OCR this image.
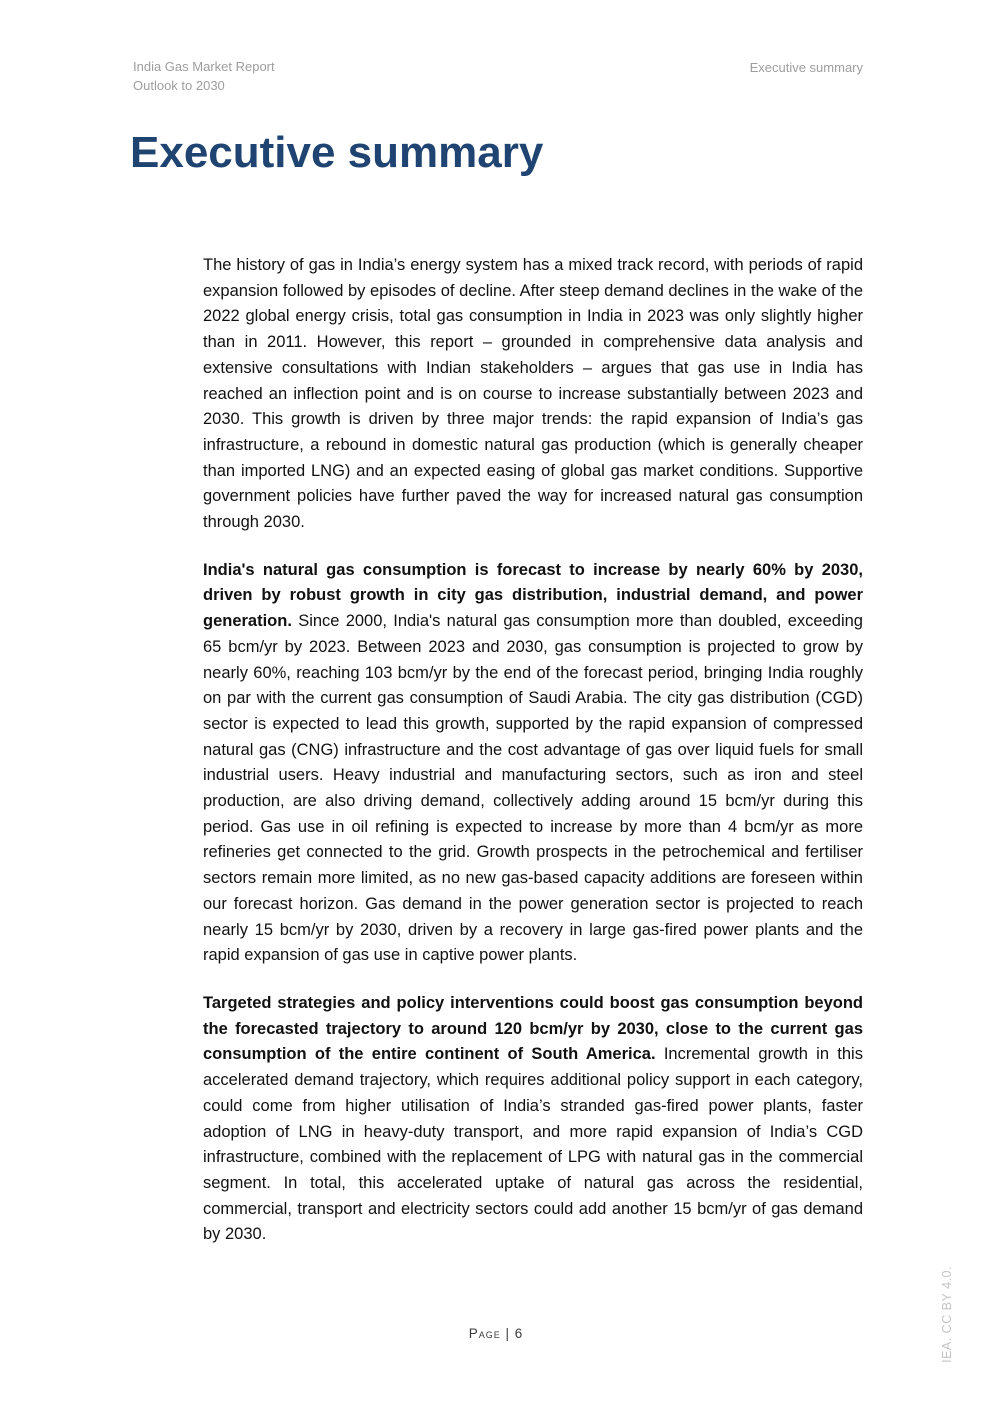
India Gas Market Report
Outlook to 2030
Executive summary
Executive summary

The history of gas in India’s energy system has a mixed track record, with periods of rapid expansion followed by episodes of decline. After steep demand declines in the wake of the 2022 global energy crisis, total gas consumption in India in 2023 was only slightly higher than in 2011. However, this report – grounded in comprehensive data analysis and extensive consultations with Indian stakeholders – argues that gas use in India has reached an inflection point and is on course to increase substantially between 2023 and 2030. This growth is driven by three major trends: the rapid expansion of India’s gas infrastructure, a rebound in domestic natural gas production (which is generally cheaper than imported LNG) and an expected easing of global gas market conditions. Supportive government policies have further paved the way for increased natural gas consumption through 2030.

India's natural gas consumption is forecast to increase by nearly 60% by 2030, driven by robust growth in city gas distribution, industrial demand, and power generation. Since 2000, India's natural gas consumption more than doubled, exceeding 65 bcm/yr by 2023. Between 2023 and 2030, gas consumption is projected to grow by nearly 60%, reaching 103 bcm/yr by the end of the forecast period, bringing India roughly on par with the current gas consumption of Saudi Arabia. The city gas distribution (CGD) sector is expected to lead this growth, supported by the rapid expansion of compressed natural gas (CNG) infrastructure and the cost advantage of gas over liquid fuels for small industrial users. Heavy industrial and manufacturing sectors, such as iron and steel production, are also driving demand, collectively adding around 15 bcm/yr during this period. Gas use in oil refining is expected to increase by more than 4 bcm/yr as more refineries get connected to the grid. Growth prospects in the petrochemical and fertiliser sectors remain more limited, as no new gas-based capacity additions are foreseen within our forecast horizon. Gas demand in the power generation sector is projected to reach nearly 15 bcm/yr by 2030, driven by a recovery in large gas-fired power plants and the rapid expansion of gas use in captive power plants.

Targeted strategies and policy interventions could boost gas consumption beyond the forecasted trajectory to around 120 bcm/yr by 2030, close to the current gas consumption of the entire continent of South America. Incremental growth in this accelerated demand trajectory, which requires additional policy support in each category, could come from higher utilisation of India’s stranded gas-fired power plants, faster adoption of LNG in heavy-duty transport, and more rapid expansion of India’s CGD infrastructure, combined with the replacement of LPG with natural gas in the commercial segment. In total, this accelerated uptake of natural gas across the residential, commercial, transport and electricity sectors could add another 15 bcm/yr of gas demand by 2030.

Page | 6	IEA. CC BY 4.0.
